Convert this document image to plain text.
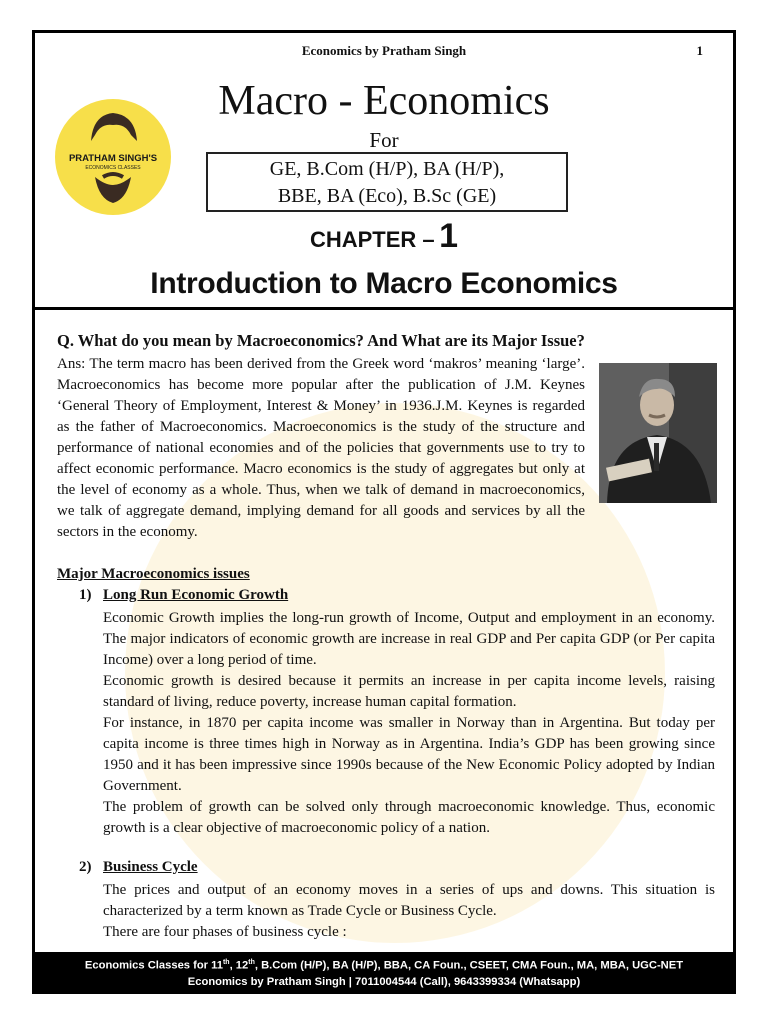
Economics by Pratham Singh	1
PRATHAM SINGH'S
ECONOMICS CLASSES
Macro - Economics
For
GE, B.Com (H/P), BA (H/P),
BBE, BA (Eco), B.Sc (GE)
CHAPTER – 1
Introduction to Macro Economics
Q. What do you mean by Macroeconomics? And What are its Major Issue?
Ans: The term macro has been derived from the Greek word ‘makros’ meaning ‘large’. Macroeconomics has become more popular after the publication of J.M. Keynes ‘General Theory of Employment, Interest & Money’ in 1936.J.M. Keynes is regarded as the father of Macroeconomics. Macroeconomics is the study of the structure and performance of national economies and of the policies that governments use to try to affect economic performance. Macro economics is the study of aggregates but only at the level of economy as a whole. Thus, when we talk of demand in macroeconomics, we talk of aggregate demand, implying demand for all goods and services by all the sectors in the economy.
Major Macroeconomics issues
1) Long Run Economic Growth

Economic Growth implies the long-run growth of Income, Output and employment in an economy. The major indicators of economic growth are increase in real GDP and Per capita GDP (or Per capita Income) over a long period of time.

Economic growth is desired because it permits an increase in per capita income levels, raising standard of living, reduce poverty, increase human capital formation.

For instance, in 1870 per capita income was smaller in Norway than in Argentina. But today per capita income is three times high in Norway as in Argentina. India’s GDP has been growing since 1950 and it has been impressive since 1990s because of the New Economic Policy adopted by Indian Government.

The problem of growth can be solved only through macroeconomic knowledge. Thus, economic growth is a clear objective of macroeconomic policy of a nation.

2) Business Cycle

The prices and output of an economy moves in a series of ups and downs. This situation is characterized by a term known as Trade Cycle or Business Cycle.

There are four phases of business cycle :

Economics Classes for 11th, 12th, B.Com (H/P), BA (H/P), BBA, CA Foun., CSEET, CMA Foun., MA, MBA, UGC-NET
Economics by Pratham Singh | 7011004544 (Call), 9643399334 (Whatsapp)
